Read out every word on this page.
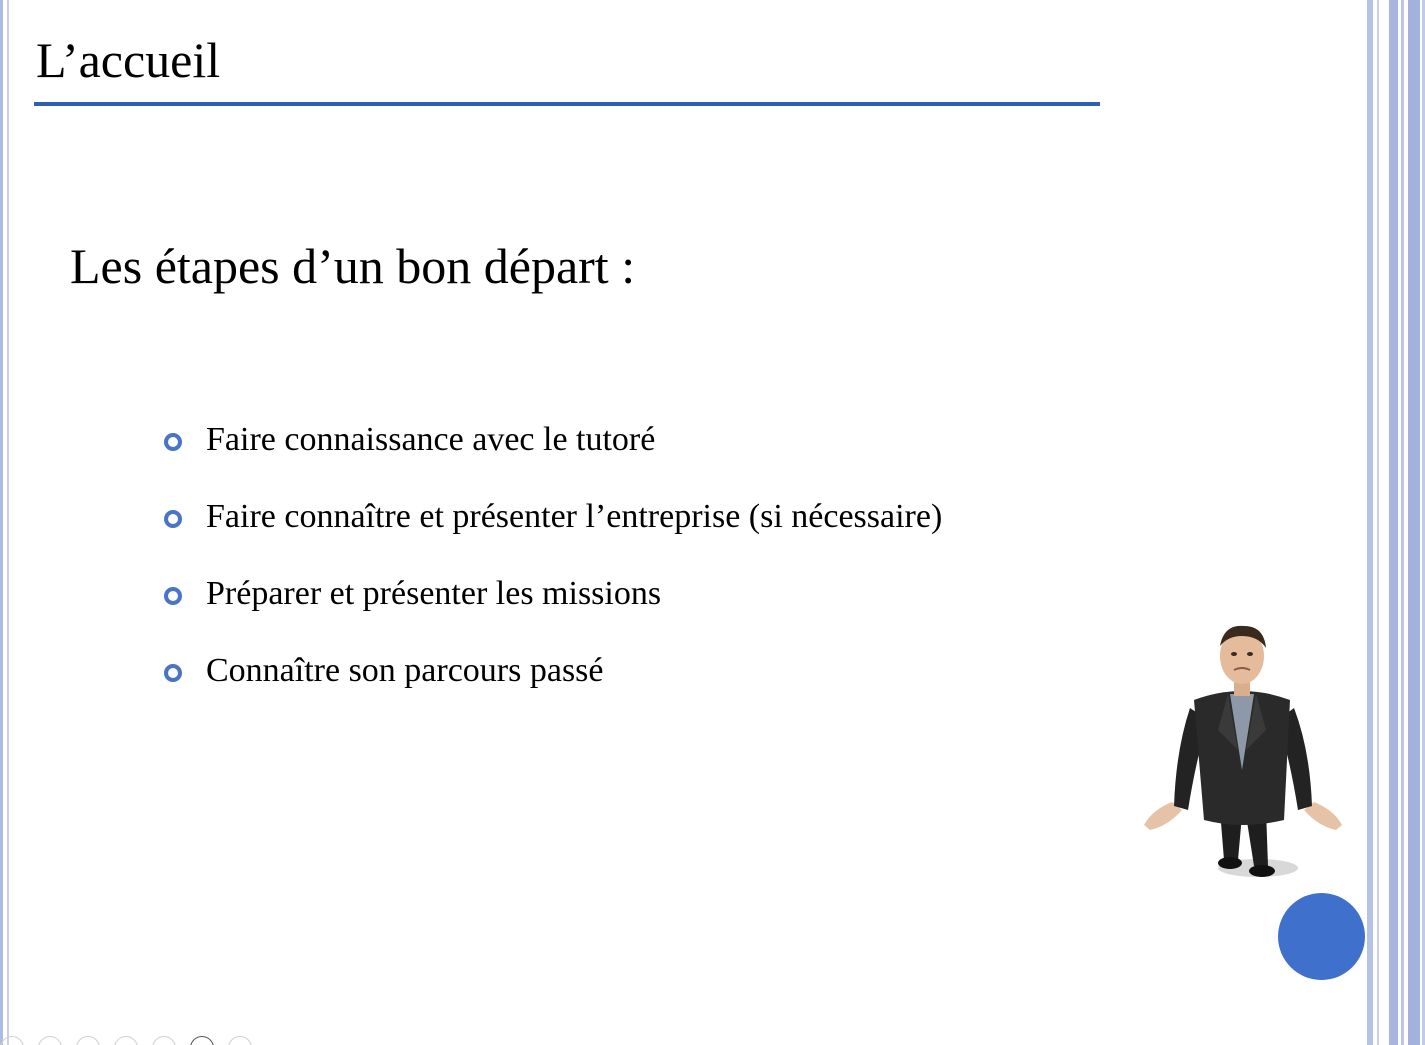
L’accueil
Les étapes d’un bon départ :
Faire connaissance avec le tutoré
Faire connaître et présenter l’entreprise (si nécessaire)
Préparer et présenter les missions
Connaître son parcours passé
